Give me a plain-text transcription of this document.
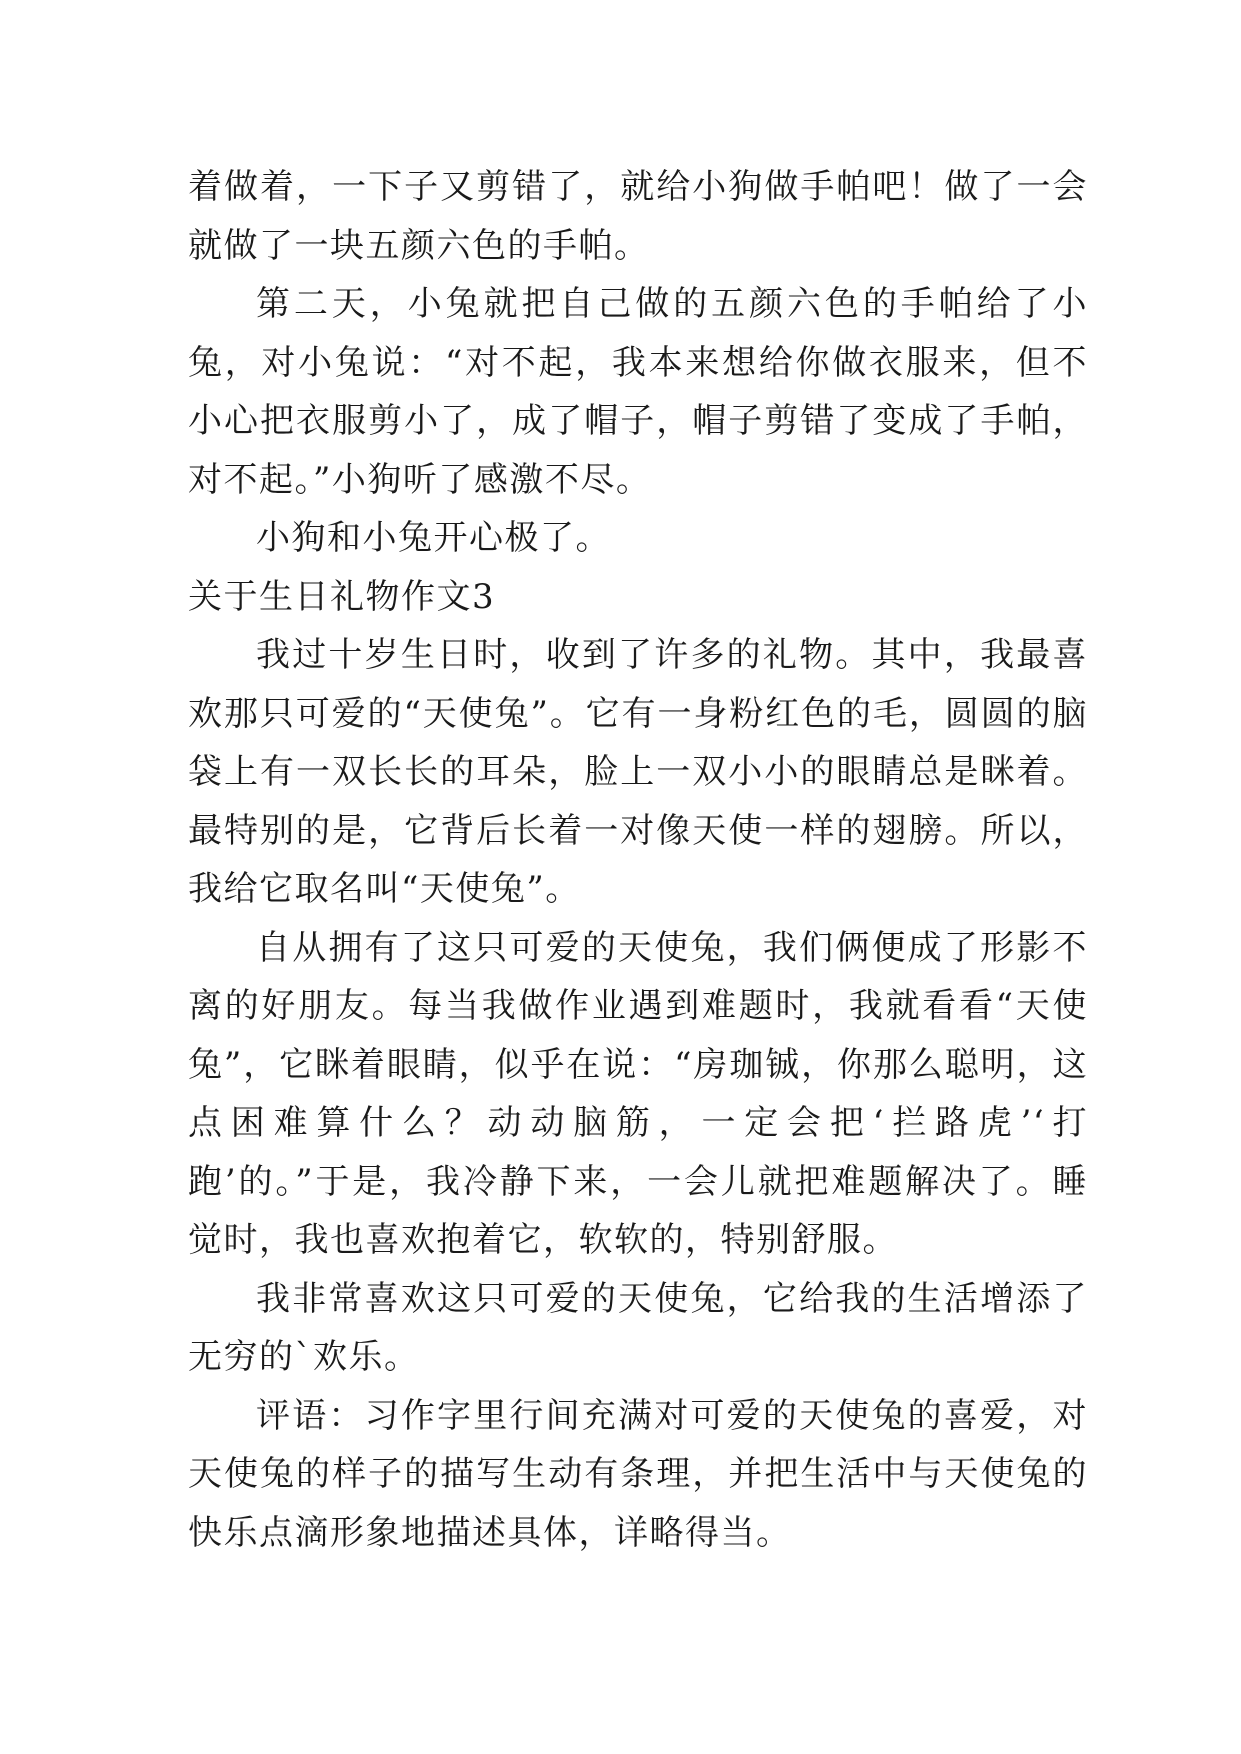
着做着，一下子又剪错了，就给小狗做手帕吧！做了一会就做了一块五颜六色的手帕。

第二天，小兔就把自己做的五颜六色的手帕给了小兔，对小兔说：“对不起，我本来想给你做衣服来，但不小心把衣服剪小了，成了帽子，帽子剪错了变成了手帕，对不起。”小狗听了感激不尽。

小狗和小兔开心极了。

关于生日礼物作文3

我过十岁生日时，收到了许多的礼物。其中，我最喜欢那只可爱的“天使兔”。它有一身粉红色的毛，圆圆的脑袋上有一双长长的耳朵，脸上一双小小的眼睛总是眯着。最特别的是，它背后长着一对像天使一样的翅膀。所以，我给它取名叫“天使兔”。

自从拥有了这只可爱的天使兔，我们俩便成了形影不离的好朋友。每当我做作业遇到难题时，我就看看“天使兔”，它眯着眼睛，似乎在说：“房珈铖，你那么聪明，这点困难算什么？动动脑筋，一定会把‘拦路虎’‘打跑’的。”于是，我冷静下来，一会儿就把难题解决了。睡觉时，我也喜欢抱着它，软软的，特别舒服。

我非常喜欢这只可爱的天使兔，它给我的生活增添了无穷的`欢乐。

评语：习作字里行间充满对可爱的天使兔的喜爱，对天使兔的样子的描写生动有条理，并把生活中与天使兔的快乐点滴形象地描述具体，详略得当。
